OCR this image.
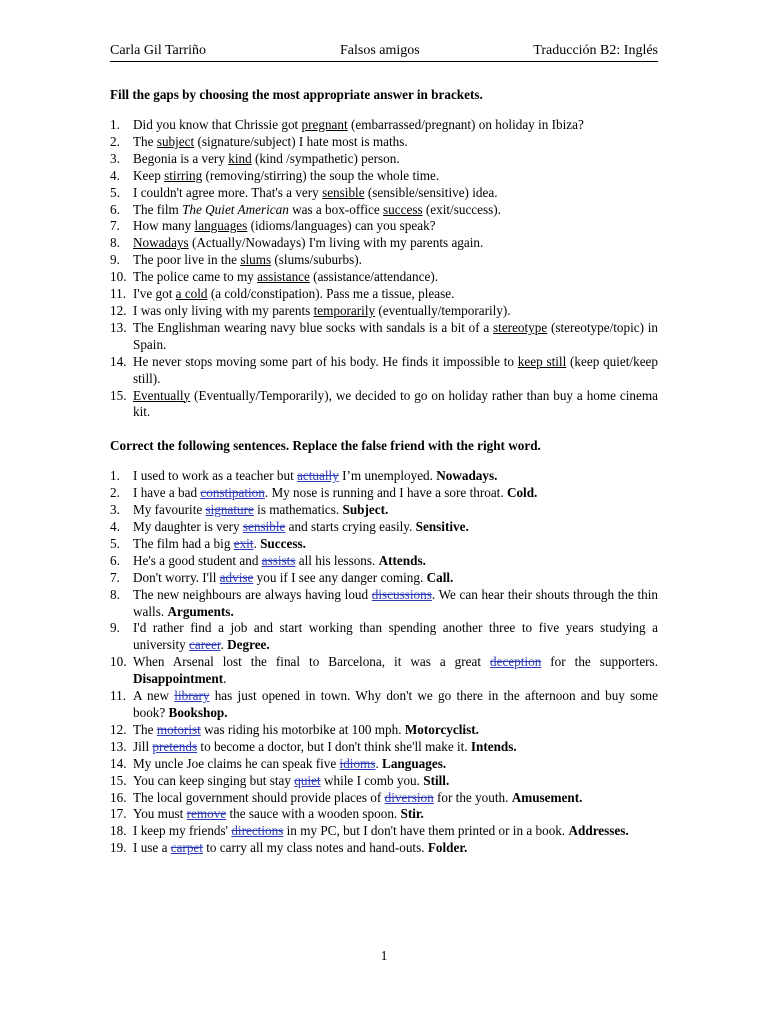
Carla Gil Tarriño	Falsos amigos	Traducción B2: Inglés

Fill the gaps by choosing the most appropriate answer in brackets.

1. Did you know that Chrissie got pregnant (embarrassed/pregnant) on holiday in Ibiza?
2. The subject (signature/subject) I hate most is maths.
3. Begonia is a very kind (kind /sympathetic) person.
4. Keep stirring (removing/stirring) the soup the whole time.
5. I couldn't agree more. That's a very sensible (sensible/sensitive) idea.
6. The film The Quiet American was a box-office success (exit/success).
7. How many languages (idioms/languages) can you speak?
8. Nowadays (Actually/Nowadays) I'm living with my parents again.
9. The poor live in the slums (slums/suburbs).
10. The police came to my assistance (assistance/attendance).
11. I've got a cold (a cold/constipation). Pass me a tissue, please.
12. I was only living with my parents temporarily (eventually/temporarily).
13. The Englishman wearing navy blue socks with sandals is a bit of a stereotype (stereotype/topic) in Spain.
14. He never stops moving some part of his body. He finds it impossible to keep still (keep quiet/keep still).
15. Eventually (Eventually/Temporarily), we decided to go on holiday rather than buy a home cinema kit.

Correct the following sentences. Replace the false friend with the right word.

1. I used to work as a teacher but actually I’m unemployed. Nowadays.
2. I have a bad constipation. My nose is running and I have a sore throat. Cold.
3. My favourite signature is mathematics. Subject.
4. My daughter is very sensible and starts crying easily. Sensitive.
5. The film had a big exit. Success.
6. He's a good student and assists all his lessons. Attends.
7. Don't worry. I'll advise you if I see any danger coming. Call.
8. The new neighbours are always having loud discussions. We can hear their shouts through the thin walls. Arguments.
9. I'd rather find a job and start working than spending another three to five years studying a university career. Degree.
10. When Arsenal lost the final to Barcelona, it was a great deception for the supporters. Disappointment.
11. A new library has just opened in town. Why don't we go there in the afternoon and buy some book? Bookshop.
12. The motorist was riding his motorbike at 100 mph. Motorcyclist.
13. Jill pretends to become a doctor, but I don't think she'll make it. Intends.
14. My uncle Joe claims he can speak five idioms. Languages.
15. You can keep singing but stay quiet while I comb you. Still.
16. The local government should provide places of diversion for the youth. Amusement.
17. You must remove the sauce with a wooden spoon. Stir.
18. I keep my friends' directions in my PC, but I don't have them printed or in a book. Addresses.
19. I use a carpet to carry all my class notes and hand-outs. Folder.
1
